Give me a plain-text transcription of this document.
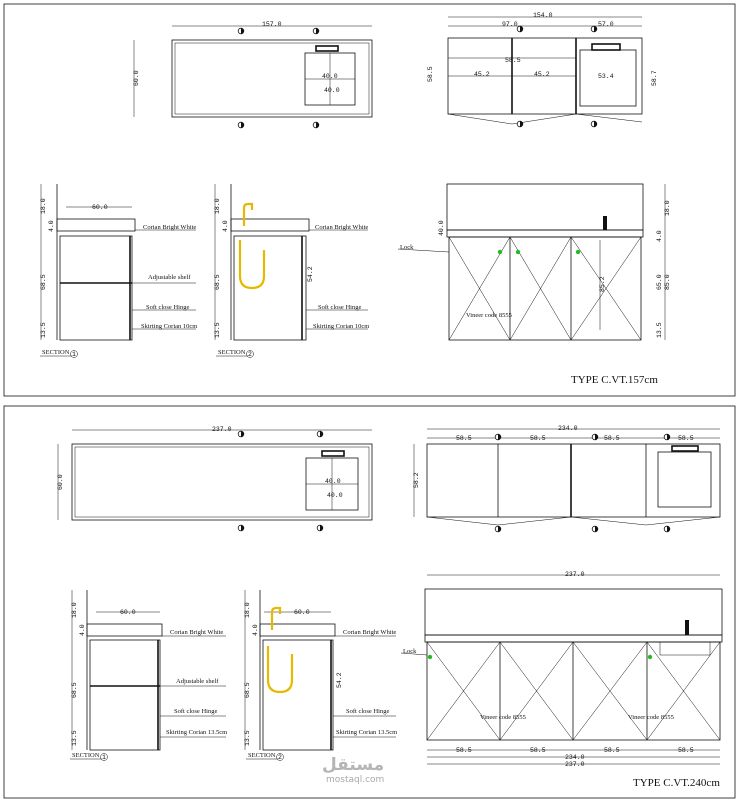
157.0
60.0	40.0
40.0
154.0
97.0	57.0
58.5
45.2	45.2	53.4
58.5	58.7
60.0
18.0
4.0
68.5
13.5
Corian Bright White
Adjustable shelf
Soft close Hinge
Skirting Corian 10cm
SECTION 1
18.0
4.0
68.5
13.5
54.2
Corian Bright White
Soft close Hinge
Skirting Corian 10cm
SECTION 2
Lock
Vineer code 8555
85.2
18.0
4.0
65.0 85.0
13.5
40.0
TYPE C.VT.157cm
237.0
60.0	40.0
40.0
234.0
58.5	58.5	58.5	58.5
58.2
60.0
18.0
4.0
68.5
13.5
Corian Bright White
Adjustable shelf
Soft close Hinge
Skirting Corian 13.5cm
SECTION 1
60.0
18.0
4.0
68.5
13.5
54.2
Corian Bright White
Soft close Hinge
Skirting Corian 13.5cm
SECTION 2
237.0
Lock
Vineer code 8555	Vineer code 8555
58.5	58.5	58.5	58.5
234.0
237.0
TYPE C.VT.240cm
مستقل
mostaql.com
